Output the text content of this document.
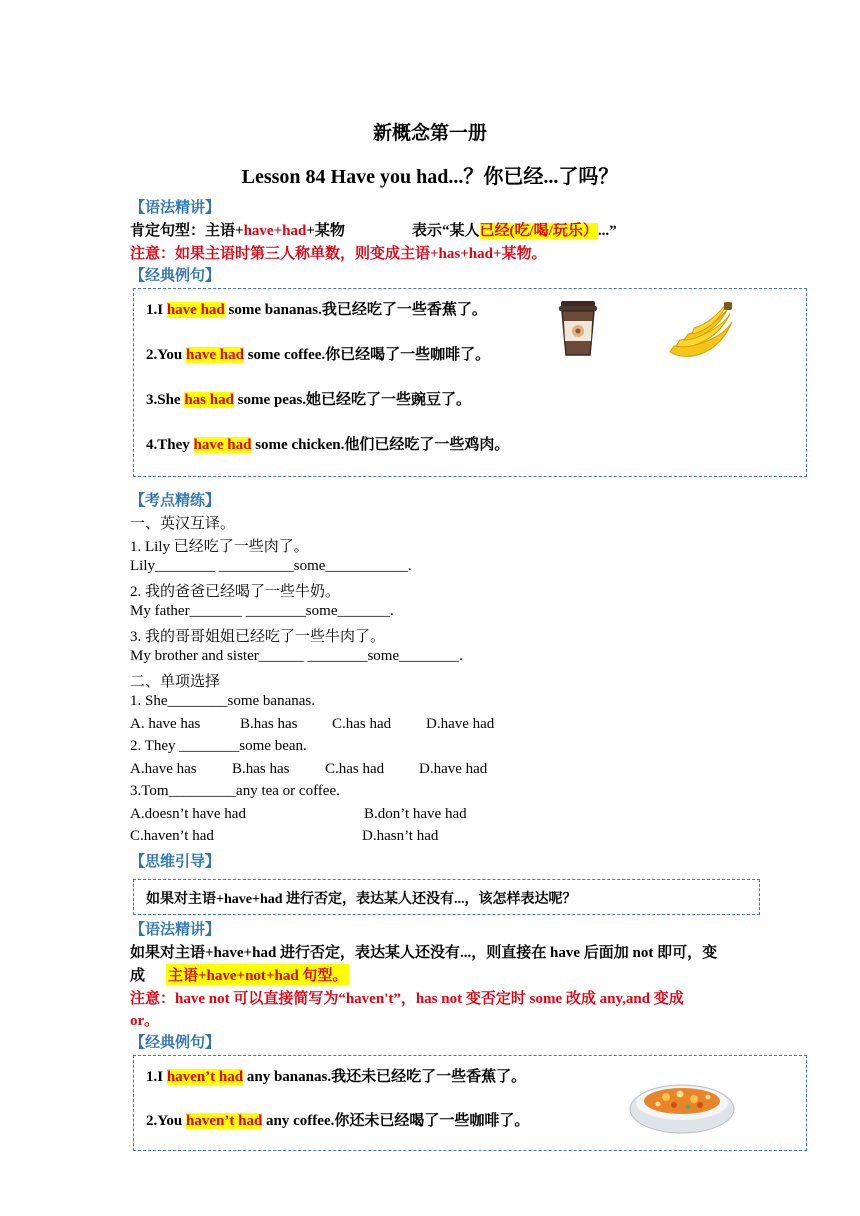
新概念第一册
Lesson 84 Have you had...？你已经...了吗？
【语法精讲】
肯定句型：主语+have+had+某物	表示“某人已经(吃/喝/玩乐）...”
注意：如果主语时第三人称单数，则变成主语+has+had+某物。
【经典例句】
1.I have had some bananas.我已经吃了一些香蕉了。
2.You have had some coffee.你已经喝了一些咖啡了。
3.She has had some peas.她已经吃了一些豌豆了。
4.They have had some chicken.他们已经吃了一些鸡肉。
【考点精练】
一、英汉互译。
1. Lily 已经吃了一些肉了。
Lily________ __________some___________.
2. 我的爸爸已经喝了一些牛奶。
My father_______ ________some_______.
3. 我的哥哥姐姐已经吃了一些牛肉了。
My brother and sister______ ________some________.
二、单项选择
1. She________some bananas.
A. have has	B.has has C.has had D.have had
2. They ________some bean.
A.have has B.has has C.has had D.have had
3.Tom_________any tea or coffee.
A.doesn’t have had	B.don’t have had
C.haven’t had	D.hasn’t had
【思维引导】
如果对主语+have+had 进行否定，表达某人还没有...，该怎样表达呢？
【语法精讲】
如果对主语+have+had 进行否定，表达某人还没有...，则直接在 have 后面加 not 即可，变
成 主语+have+not+had 句型。
注意：have not 可以直接简写为“haven't”，has not 变否定时 some 改成 any,and 变成
or。
【经典例句】
1.I haven’t had any bananas.我还未已经吃了一些香蕉了。
2.You haven’t had any coffee.你还未已经喝了一些咖啡了。
